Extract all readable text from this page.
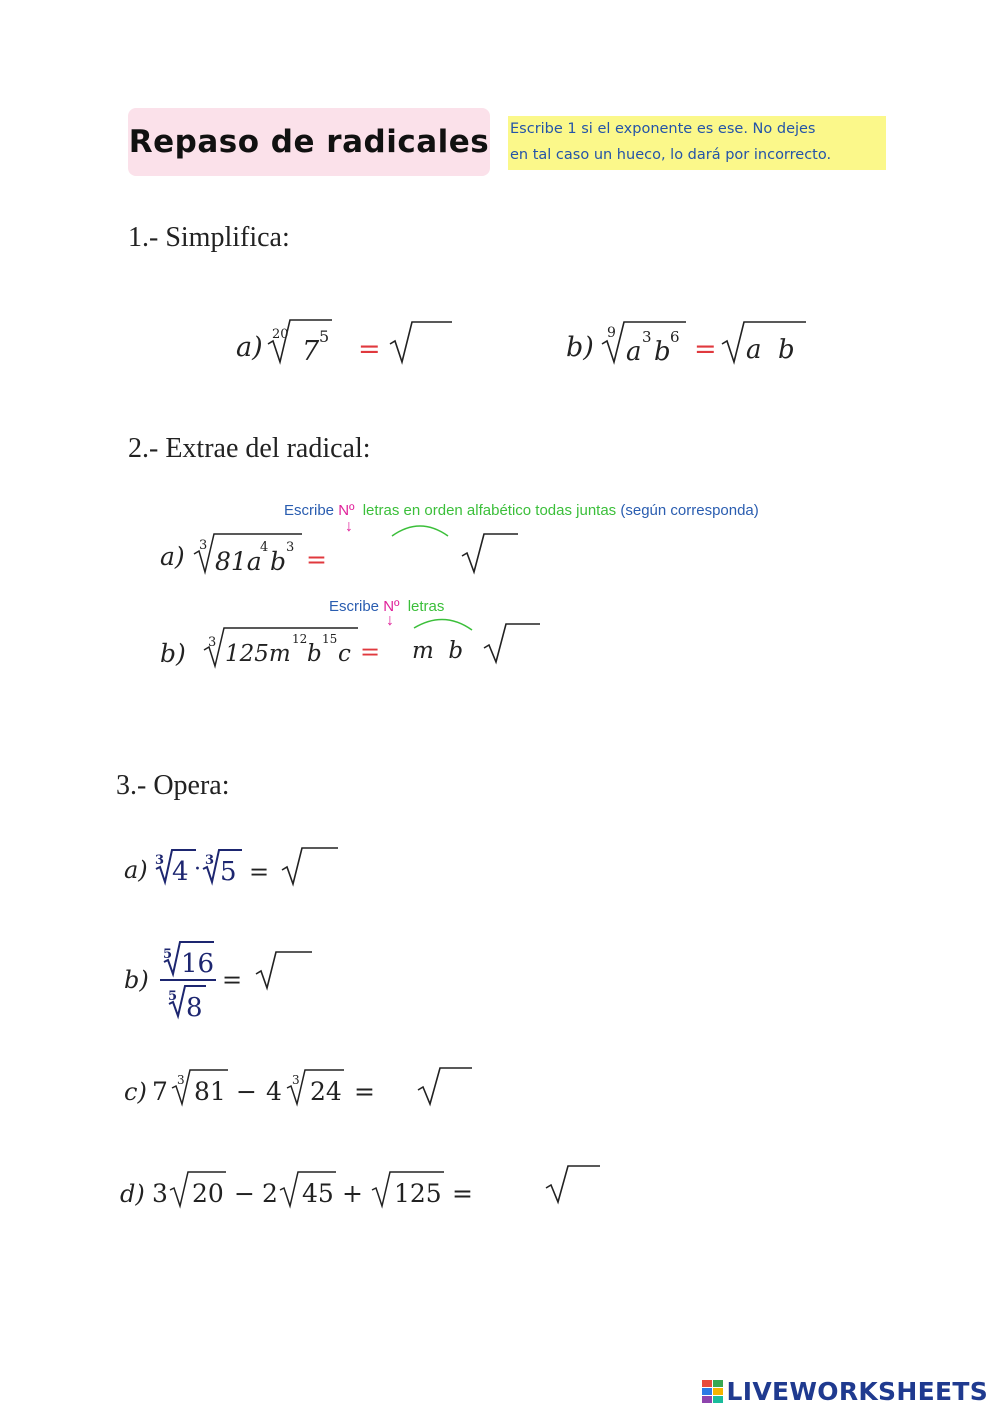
Repaso de radicales Escribe 1 si el exponente es ese. No dejes
en tal caso un hueco, lo dará por incorrecto.
1.- Simplifica:
a) 20
7 5 =	b) 9
a 3 b 6 = a  b
2.- Extrae del radical:
Escribe Nº letras en orden alfabético todas juntas (según corresponda)
↓
a) 3
81a
4 b 3 =
Escribe Nº letras
↓
b) 3 125m
12
b
15
c = m  b
3.- Opera:
a) 3 4 · 3 5 =
b)
5 16
5 8
=
c) 7 3 81 − 4 3 24 =
d) 3 20 − 2 45 + 125 =
LIVEWORKSHEETS
